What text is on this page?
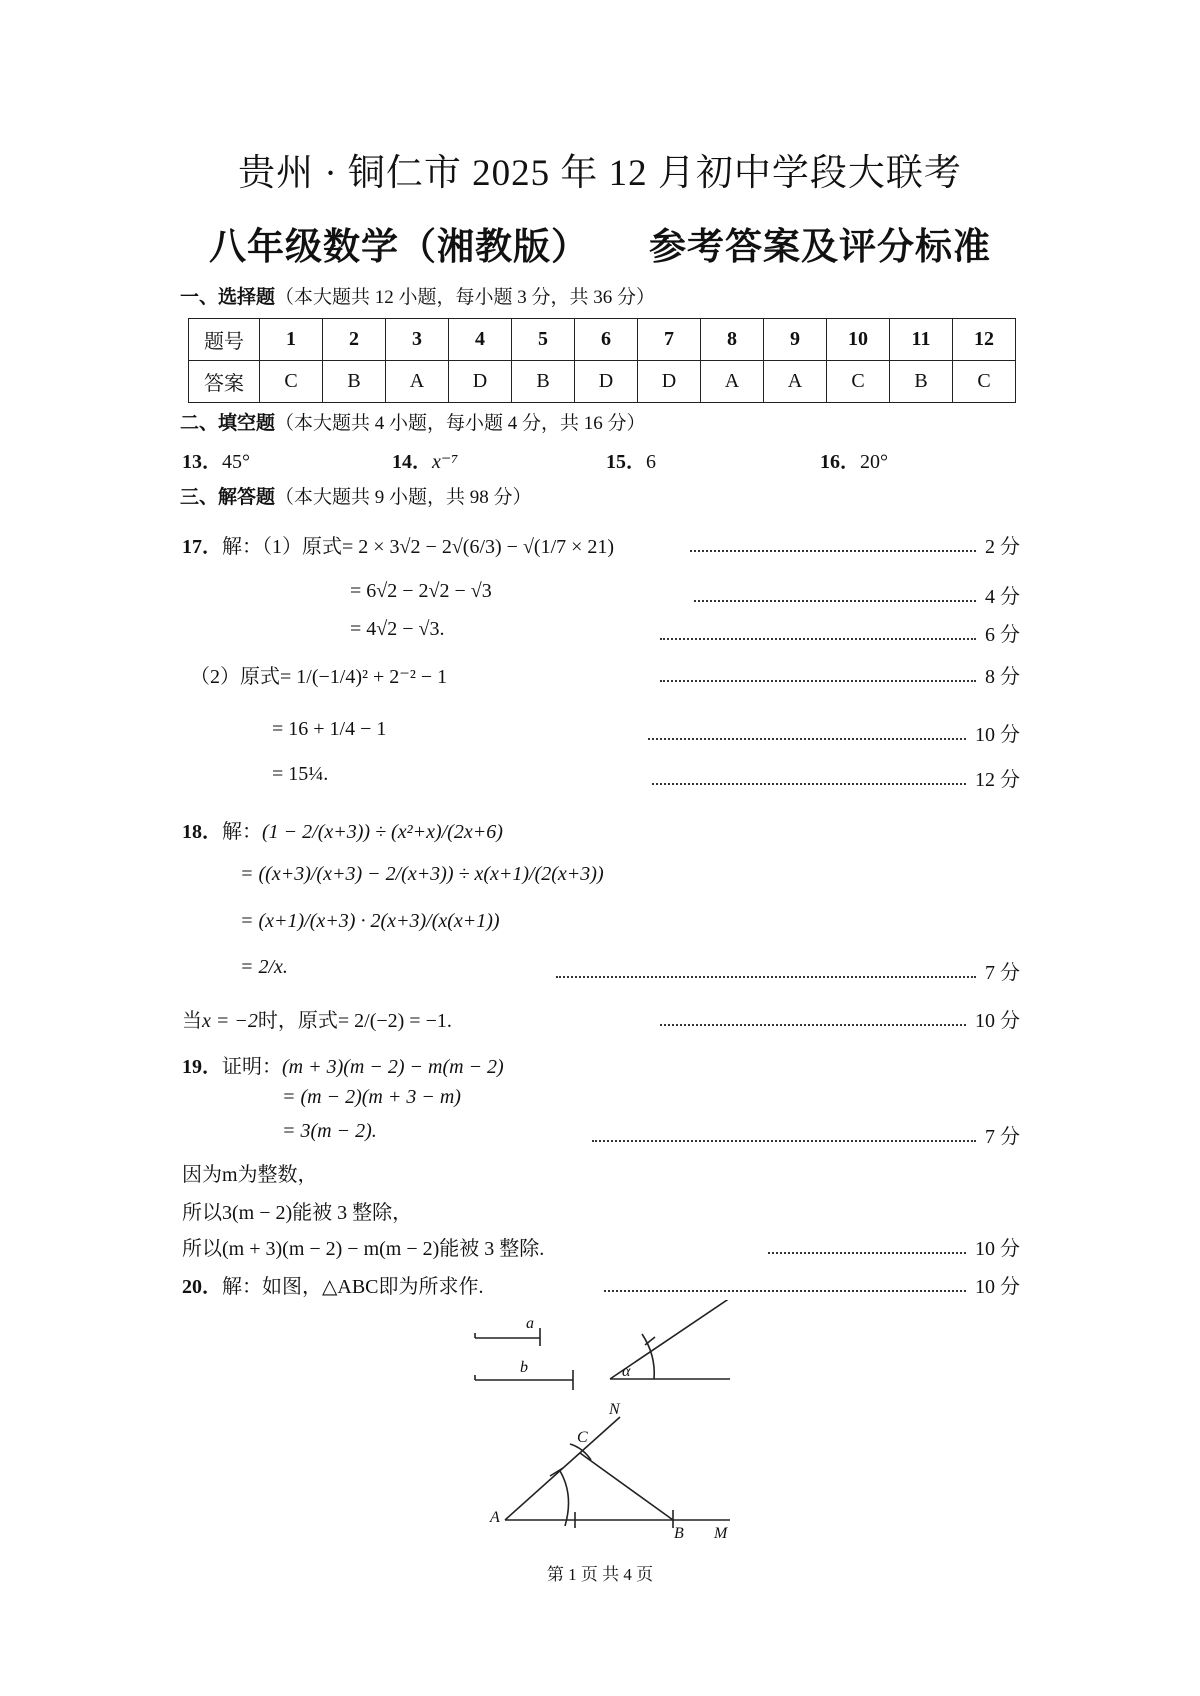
贵州 · 铜仁市 2025 年 12 月初中学段大联考
八年级数学（湘教版） 参考答案及评分标准
一、选择题（本大题共 12 小题，每小题 3 分，共 36 分）
题号	1	2	3	4	5	6	7	8	9	10	11	12
答案	C	B	A	D	B	D	D	A	A	C	B	C
二、填空题（本大题共 4 小题，每小题 4 分，共 16 分）
13．45°	14．x⁻⁷	15．6	16．20°
三、解答题（本大题共 9 小题，共 98 分）
17．解：（1）原式= 2 × 3√2 − 2√(6/3) − √(1/7 × 21)	2 分
= 6√2 − 2√2 − √3	4 分
= 4√2 − √3.	6 分
（2）原式= 1/(−1/4)² + 2⁻² − 1	8 分
= 16 + 1/4 − 1	10 分
= 15¼.	12 分
18．解：(1 − 2/(x+3)) ÷ (x²+x)/(2x+6)
= ((x+3)/(x+3) − 2/(x+3)) ÷ x(x+1)/(2(x+3))
= (x+1)/(x+3) · 2(x+3)/(x(x+1))
= 2/x.	7 分
当x = −2时，原式= 2/(−2) = −1.	10 分
19．证明：(m + 3)(m − 2) − m(m − 2)
= (m − 2)(m + 3 − m)
= 3(m − 2).	7 分
因为m为整数，
所以3(m − 2)能被 3 整除，
所以(m + 3)(m − 2) − m(m − 2)能被 3 整除.	10 分
20．解：如图，△ABC即为所求作.	10 分
a
b	α
A
B
C
M
N
第 1 页 共 4 页
